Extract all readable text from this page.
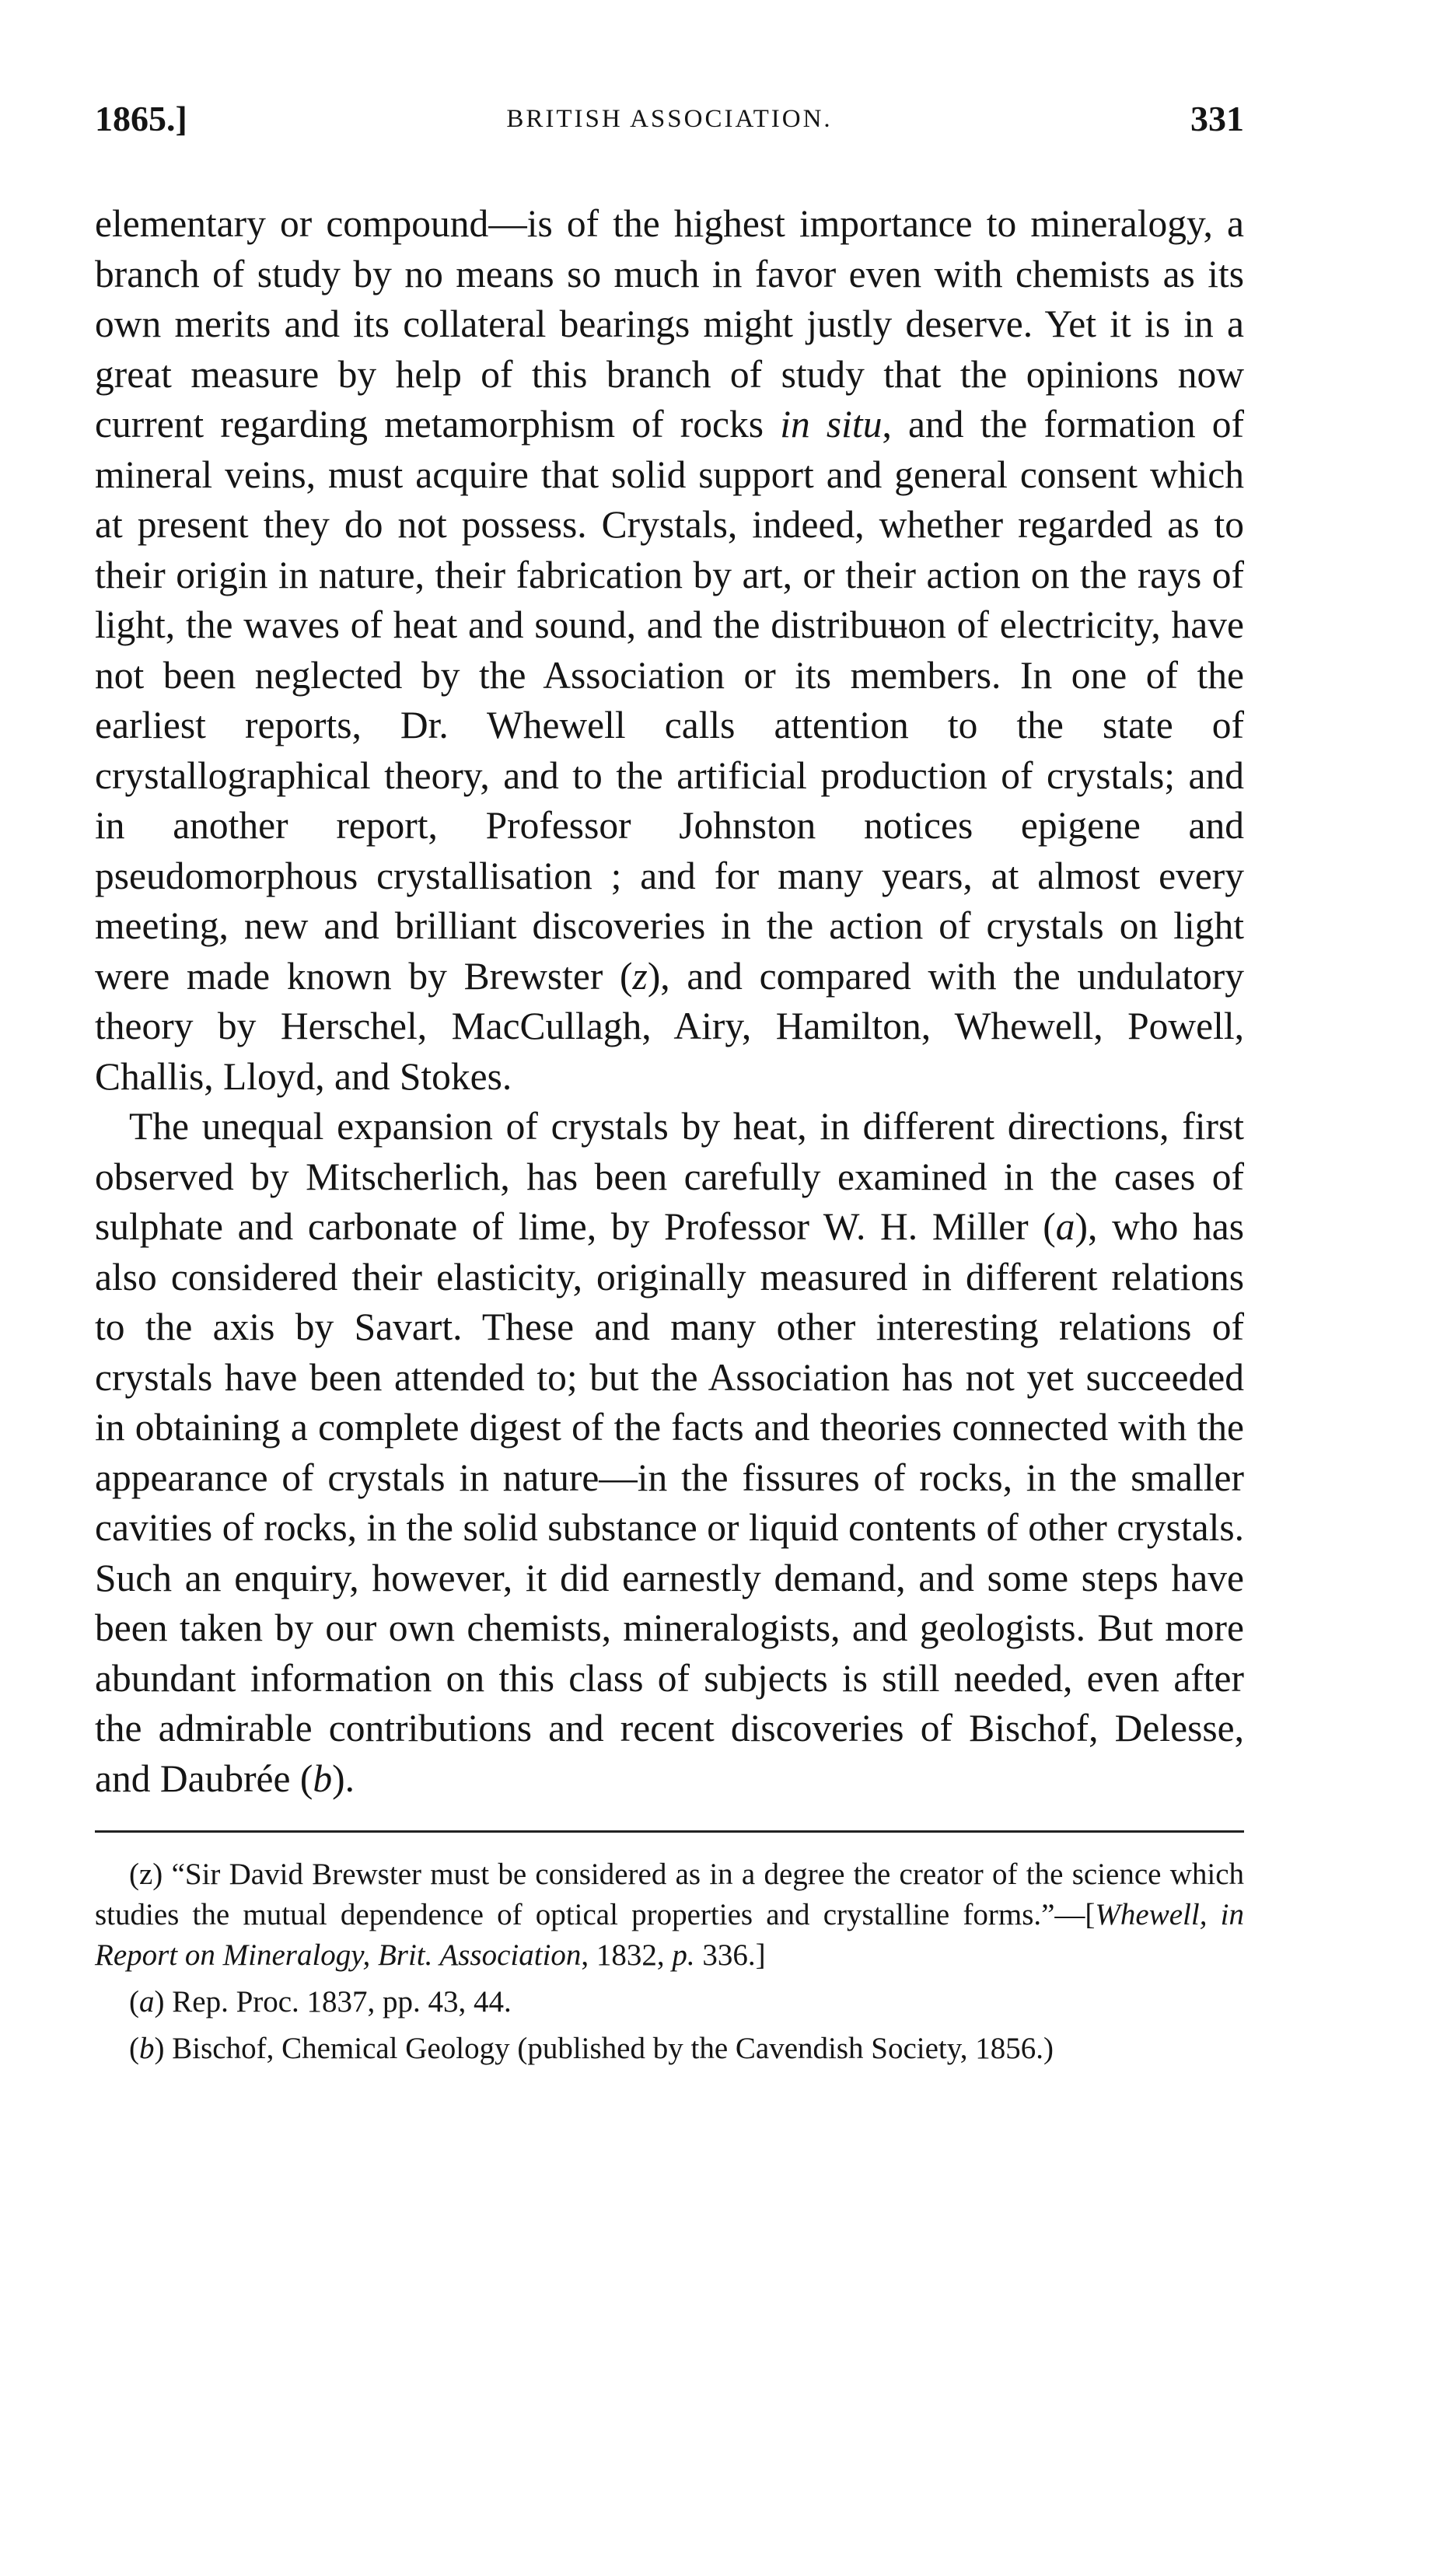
1865.]	BRITISH ASSOCIATION.	331

elementary or compound—is of the highest importance to mineralogy, a branch of study by no means so much in favor even with chemists as its own merits and its collateral bearings might justly deserve. Yet it is in a great measure by help of this branch of study that the opinions now current regarding metamorphism of rocks in situ, and the formation of mineral veins, must acquire that solid support and general consent which at present they do not possess. Crystals, indeed, whether regarded as to their origin in nature, their fabrication by art, or their action on the rays of light, the waves of heat and sound, and the distribuʉon of electricity, have not been neglected by the Association or its members. In one of the earliest reports, Dr. Whewell calls attention to the state of crystallographical theory, and to the artificial production of crystals; and in another report, Professor Johnston notices epigene and pseudomorphous crystallisation ; and for many years, at almost every meeting, new and brilliant discoveries in the action of crystals on light were made known by Brewster (z), and compared with the undulatory theory by Herschel, MacCullagh, Airy, Hamilton, Whewell, Powell, Challis, Lloyd, and Stokes.

The unequal expansion of crystals by heat, in different directions, first observed by Mitscherlich, has been carefully examined in the cases of sulphate and carbonate of lime, by Professor W. H. Miller (a), who has also considered their elasticity, originally measured in different relations to the axis by Savart. These and many other interesting relations of crystals have been attended to; but the Association has not yet succeeded in obtaining a complete digest of the facts and theories connected with the appearance of crystals in nature—in the fissures of rocks, in the smaller cavities of rocks, in the solid substance or liquid contents of other crystals. Such an enquiry, however, it did earnestly demand, and some steps have been taken by our own chemists, mineralogists, and geologists. But more abundant information on this class of subjects is still needed, even after the admirable contributions and recent discoveries of Bischof, Delesse, and Daubrée (b).

(z) “Sir David Brewster must be considered as in a degree the creator of the science which studies the mutual dependence of optical properties and crystalline forms.”—[Whewell, in Report on Mineralogy, Brit. Association, 1832, p. 336.]

(a) Rep. Proc. 1837, pp. 43, 44.

(b) Bischof, Chemical Geology (published by the Cavendish Society, 1856.)
